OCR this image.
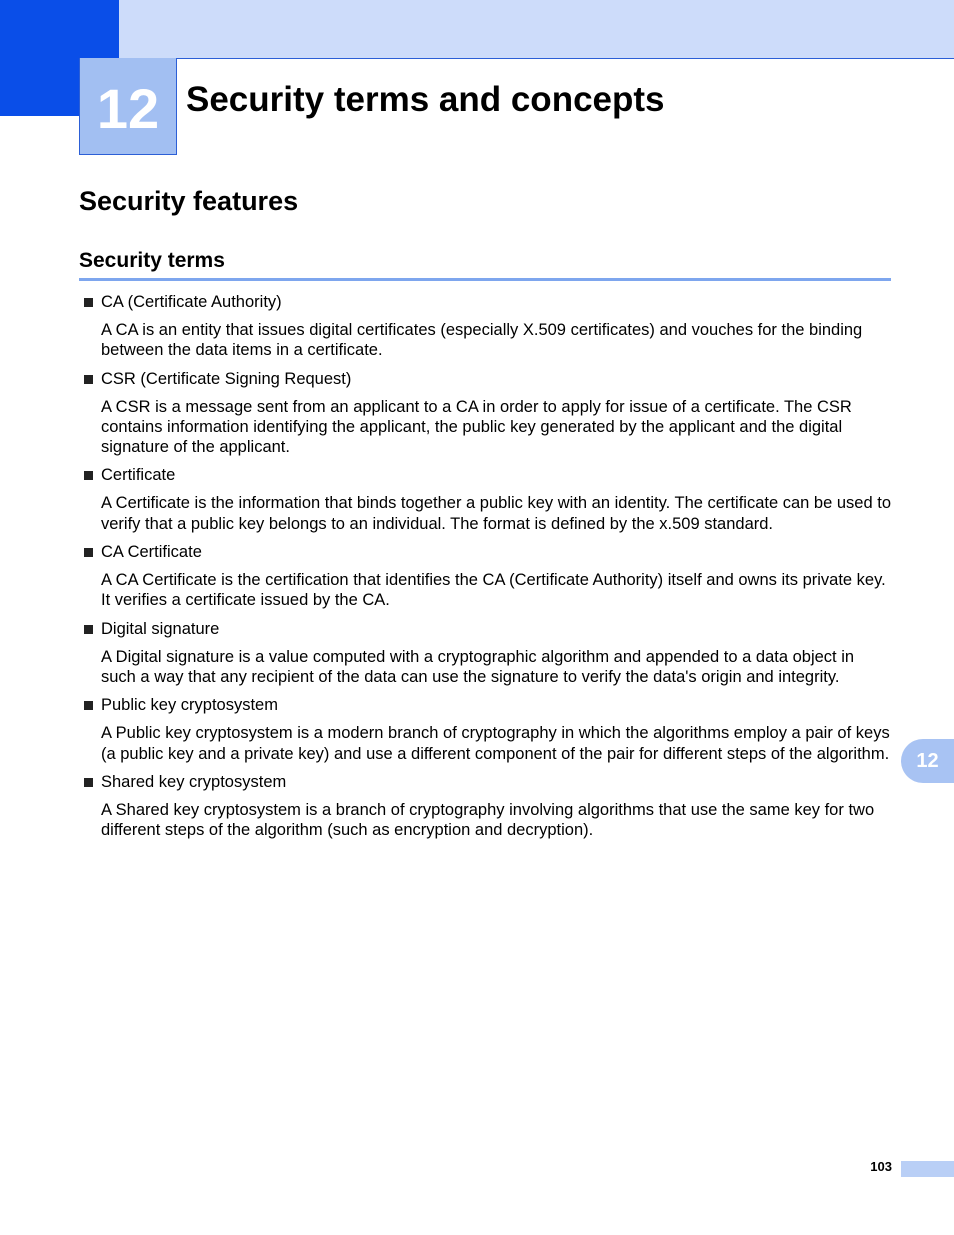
12 Security terms and concepts
Security features
Security terms

CA (Certificate Authority)

A CA is an entity that issues digital certificates (especially X.509 certificates) and vouches for the binding between the data items in a certificate.

CSR (Certificate Signing Request)

A CSR is a message sent from an applicant to a CA in order to apply for issue of a certificate. The CSR contains information identifying the applicant, the public key generated by the applicant and the digital signature of the applicant.

Certificate

A Certificate is the information that binds together a public key with an identity. The certificate can be used to verify that a public key belongs to an individual. The format is defined by the x.509 standard.

CA Certificate

A CA Certificate is the certification that identifies the CA (Certificate Authority) itself and owns its private key. It verifies a certificate issued by the CA.

Digital signature

A Digital signature is a value computed with a cryptographic algorithm and appended to a data object in such a way that any recipient of the data can use the signature to verify the data's origin and integrity.

Public key cryptosystem

A Public key cryptosystem is a modern branch of cryptography in which the algorithms employ a pair of keys (a public key and a private key) and use a different component of the pair for different steps of the algorithm.

Shared key cryptosystem

A Shared key cryptosystem is a branch of cryptography involving algorithms that use the same key for two different steps of the algorithm (such as encryption and decryption).

12
103
